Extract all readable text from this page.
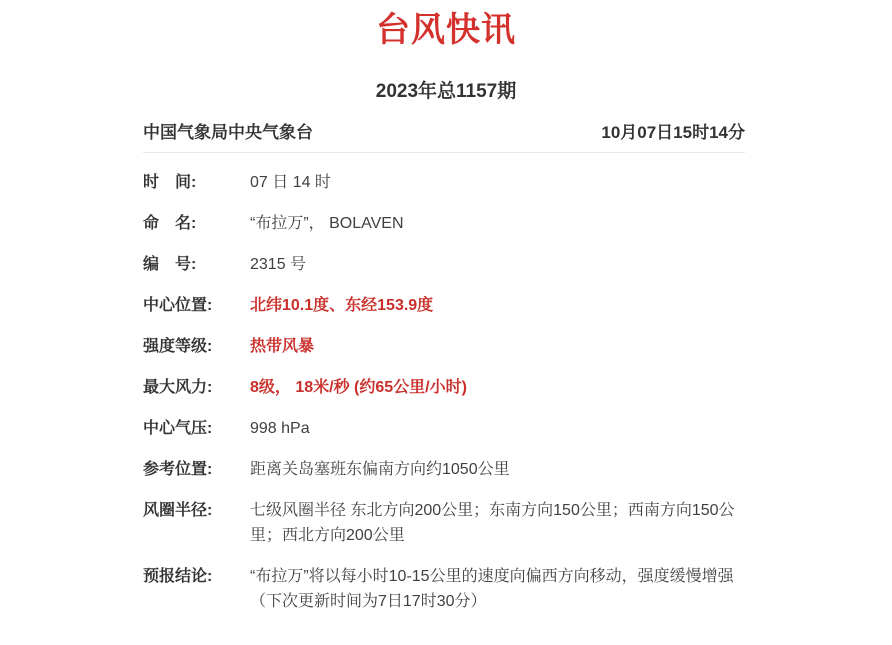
台风快讯
2023年总1157期
中国气象局中央气象台	10月07日15时14分
时　间:	07 日 14 时
命　名:	“布拉万”， BOLAVEN
编　号:	2315 号
中心位置:	北纬10.1度、东经153.9度
强度等级:	热带风暴
最大风力:	8级， 18米/秒 (约65公里/小时)
中心气压:	998 hPa
参考位置:	距离关岛塞班东偏南方向约1050公里
风圈半径:	七级风圈半径 东北方向200公里；东南方向150公里；西南方向150公里；西北方向200公里
预报结论:	“布拉万”将以每小时10-15公里的速度向偏西方向移动，强度缓慢增强
（下次更新时间为7日17时30分）
